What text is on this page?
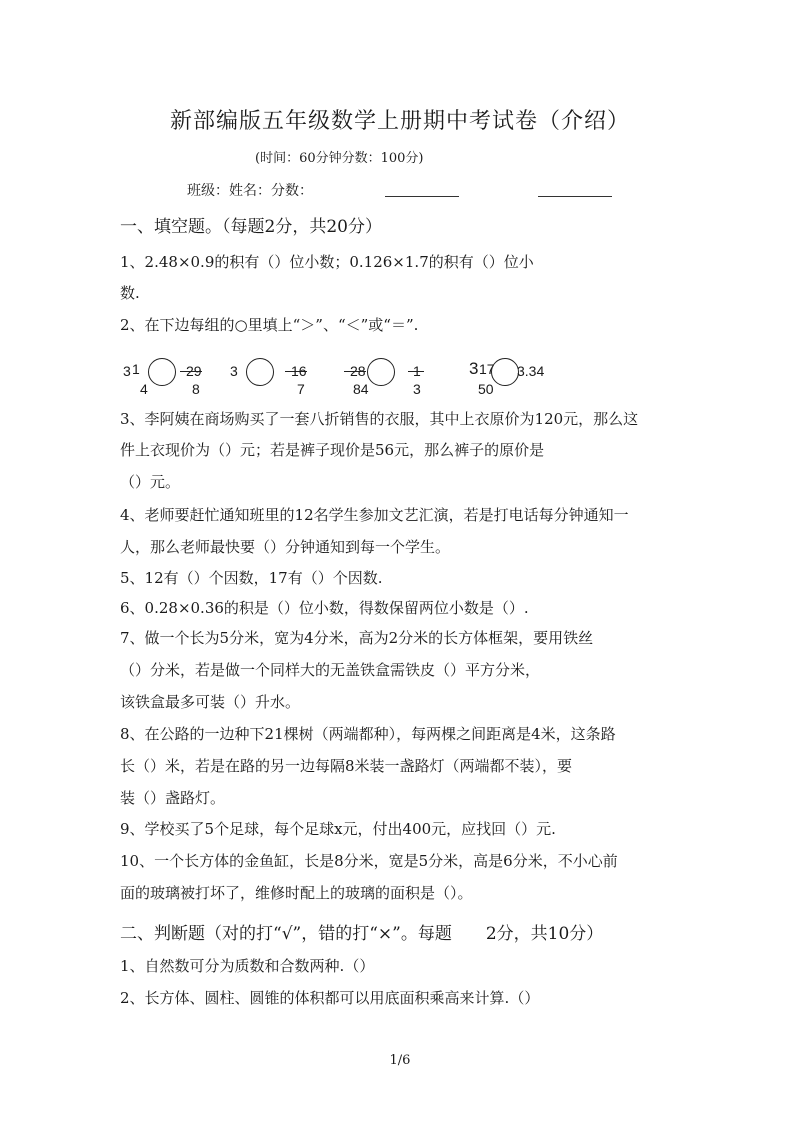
新部编版五年级数学上册期中考试卷（介绍）
(时间：60分钟分数：100分)
班级：姓名：分数：
一、填空题。（每题2分，共20分）
1、2.48×0.9的积有（）位小数；0.126×1.7的积有（）位小
数.
2、在下边每组的○里填上“＞”、“＜”或“＝”.
3 1
4
29
8
3	16
7
28
84
1
3
3 17
50
3.34
3、李阿姨在商场购买了一套八折销售的衣服，其中上衣原价为120元，那么这
件上衣现价为（）元；若是裤子现价是56元，那么裤子的原价是
（）元。
4、老师要赶忙通知班里的12名学生参加文艺汇演，若是打电话每分钟通知一
人，那么老师最快要（）分钟通知到每一个学生。
5、12有（）个因数，17有（）个因数.
6、0.28×0.36的积是（）位小数，得数保留两位小数是（）.
7、做一个长为5分米，宽为4分米，高为2分米的长方体框架，要用铁丝
（）分米，若是做一个同样大的无盖铁盒需铁皮（）平方分米，
该铁盒最多可装（）升水。
8、在公路的一边种下21棵树（两端都种），每两棵之间距离是4米，这条路
长（）米，若是在路的另一边每隔8米装一盏路灯（两端都不装），要
装（）盏路灯。
9、学校买了5个足球，每个足球x元，付出400元，应找回（）元.
10、一个长方体的金鱼缸，长是8分米，宽是5分米，高是6分米，不小心前
面的玻璃被打坏了，维修时配上的玻璃的面积是（）。
二、判断题（对的打“√”，错的打“×”。每题　　2分，共10分）
1、自然数可分为质数和合数两种.（）
2、长方体、圆柱、圆锥的体积都可以用底面积乘高来计算.（）
1/6
